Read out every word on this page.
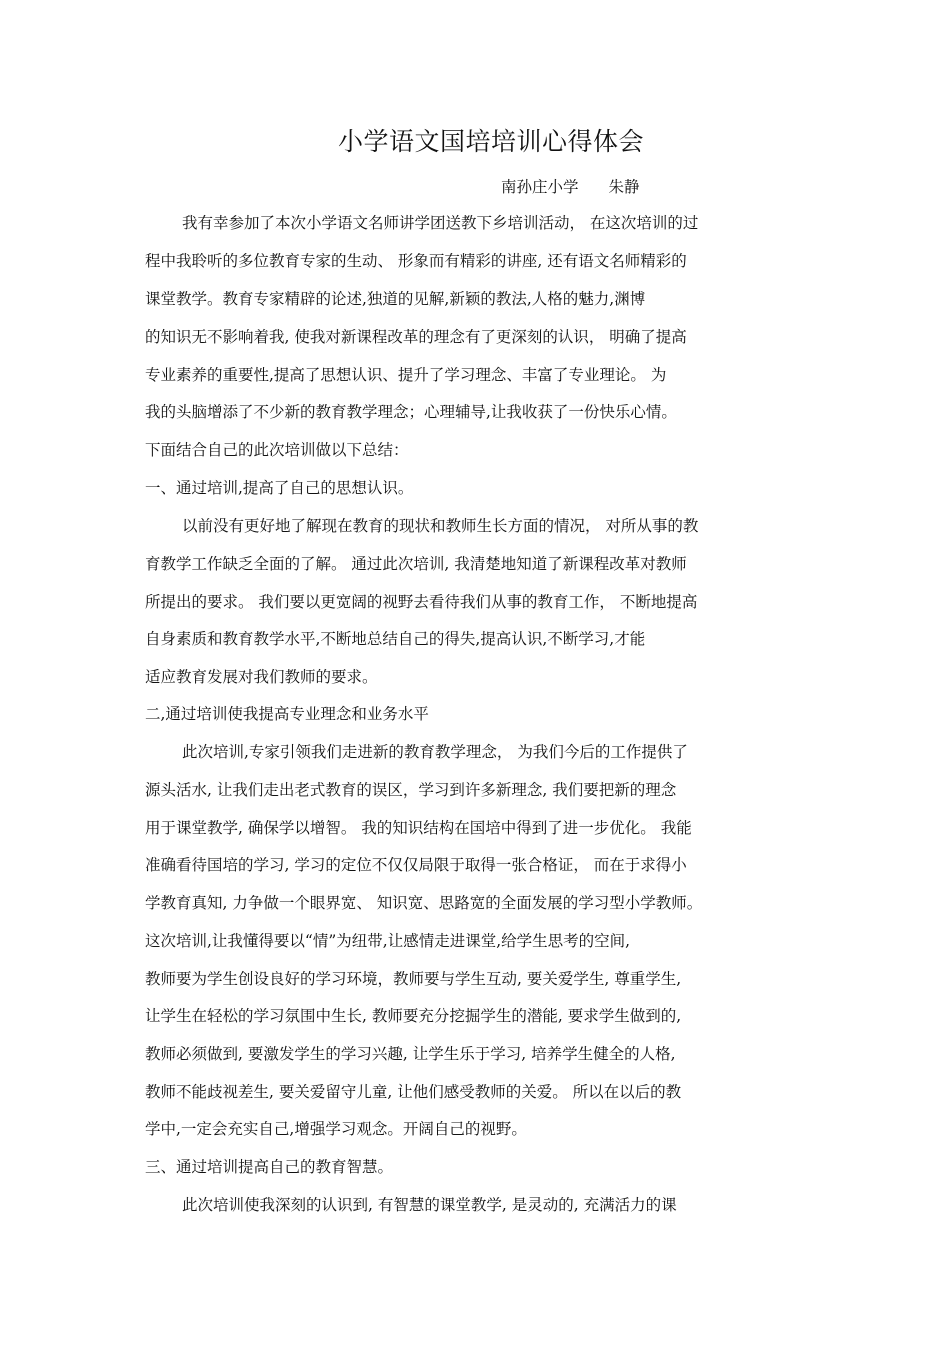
小学语文国培培训心得体会
南孙庄小学 朱静
我有幸参加了本次小学语文名师讲学团送教下乡培训活动， 在这次培训的过
程中我聆听的多位教育专家的生动、 形象而有精彩的讲座, 还有语文名师精彩的
课堂教学。教育专家精辟的论述,独道的见解,新颖的教法,人格的魅力,渊博
的知识无不影响着我, 使我对新课程改革的理念有了更深刻的认识， 明确了提高
专业素养的重要性,提高了思想认识、提升了学习理念、丰富了专业理论。 为
我的头脑增添了不少新的教育教学理念；心理辅导,让我收获了一份快乐心情。
下面结合自己的此次培训做以下总结：
一、通过培训,提高了自己的思想认识。
以前没有更好地了解现在教育的现状和教师生长方面的情况， 对所从事的教
育教学工作缺乏全面的了解。 通过此次培训, 我清楚地知道了新课程改革对教师
所提出的要求。 我们要以更宽阔的视野去看待我们从事的教育工作， 不断地提高
自身素质和教育教学水平,不断地总结自己的得失,提高认识,不断学习,才能
适应教育发展对我们教师的要求。
二,通过培训使我提高专业理念和业务水平
此次培训,专家引领我们走进新的教育教学理念， 为我们今后的工作提供了
源头活水, 让我们走出老式教育的误区，学习到许多新理念, 我们要把新的理念
用于课堂教学, 确保学以增智。 我的知识结构在国培中得到了进一步优化。 我能
准确看待国培的学习, 学习的定位不仅仅局限于取得一张合格证， 而在于求得小
学教育真知, 力争做一个眼界宽、 知识宽、思路宽的全面发展的学习型小学教师。
这次培训,让我懂得要以“情”为纽带,让感情走进课堂,给学生思考的空间,
教师要为学生创设良好的学习环境，教师要与学生互动, 要关爱学生, 尊重学生,
让学生在轻松的学习氛围中生长, 教师要充分挖掘学生的潜能, 要求学生做到的,
教师必须做到, 要激发学生的学习兴趣, 让学生乐于学习, 培养学生健全的人格,
教师不能歧视差生, 要关爱留守儿童, 让他们感受教师的关爱。 所以在以后的教
学中,一定会充实自己,增强学习观念。开阔自己的视野。
三、通过培训提高自己的教育智慧。
此次培训使我深刻的认识到, 有智慧的课堂教学, 是灵动的, 充满活力的课
